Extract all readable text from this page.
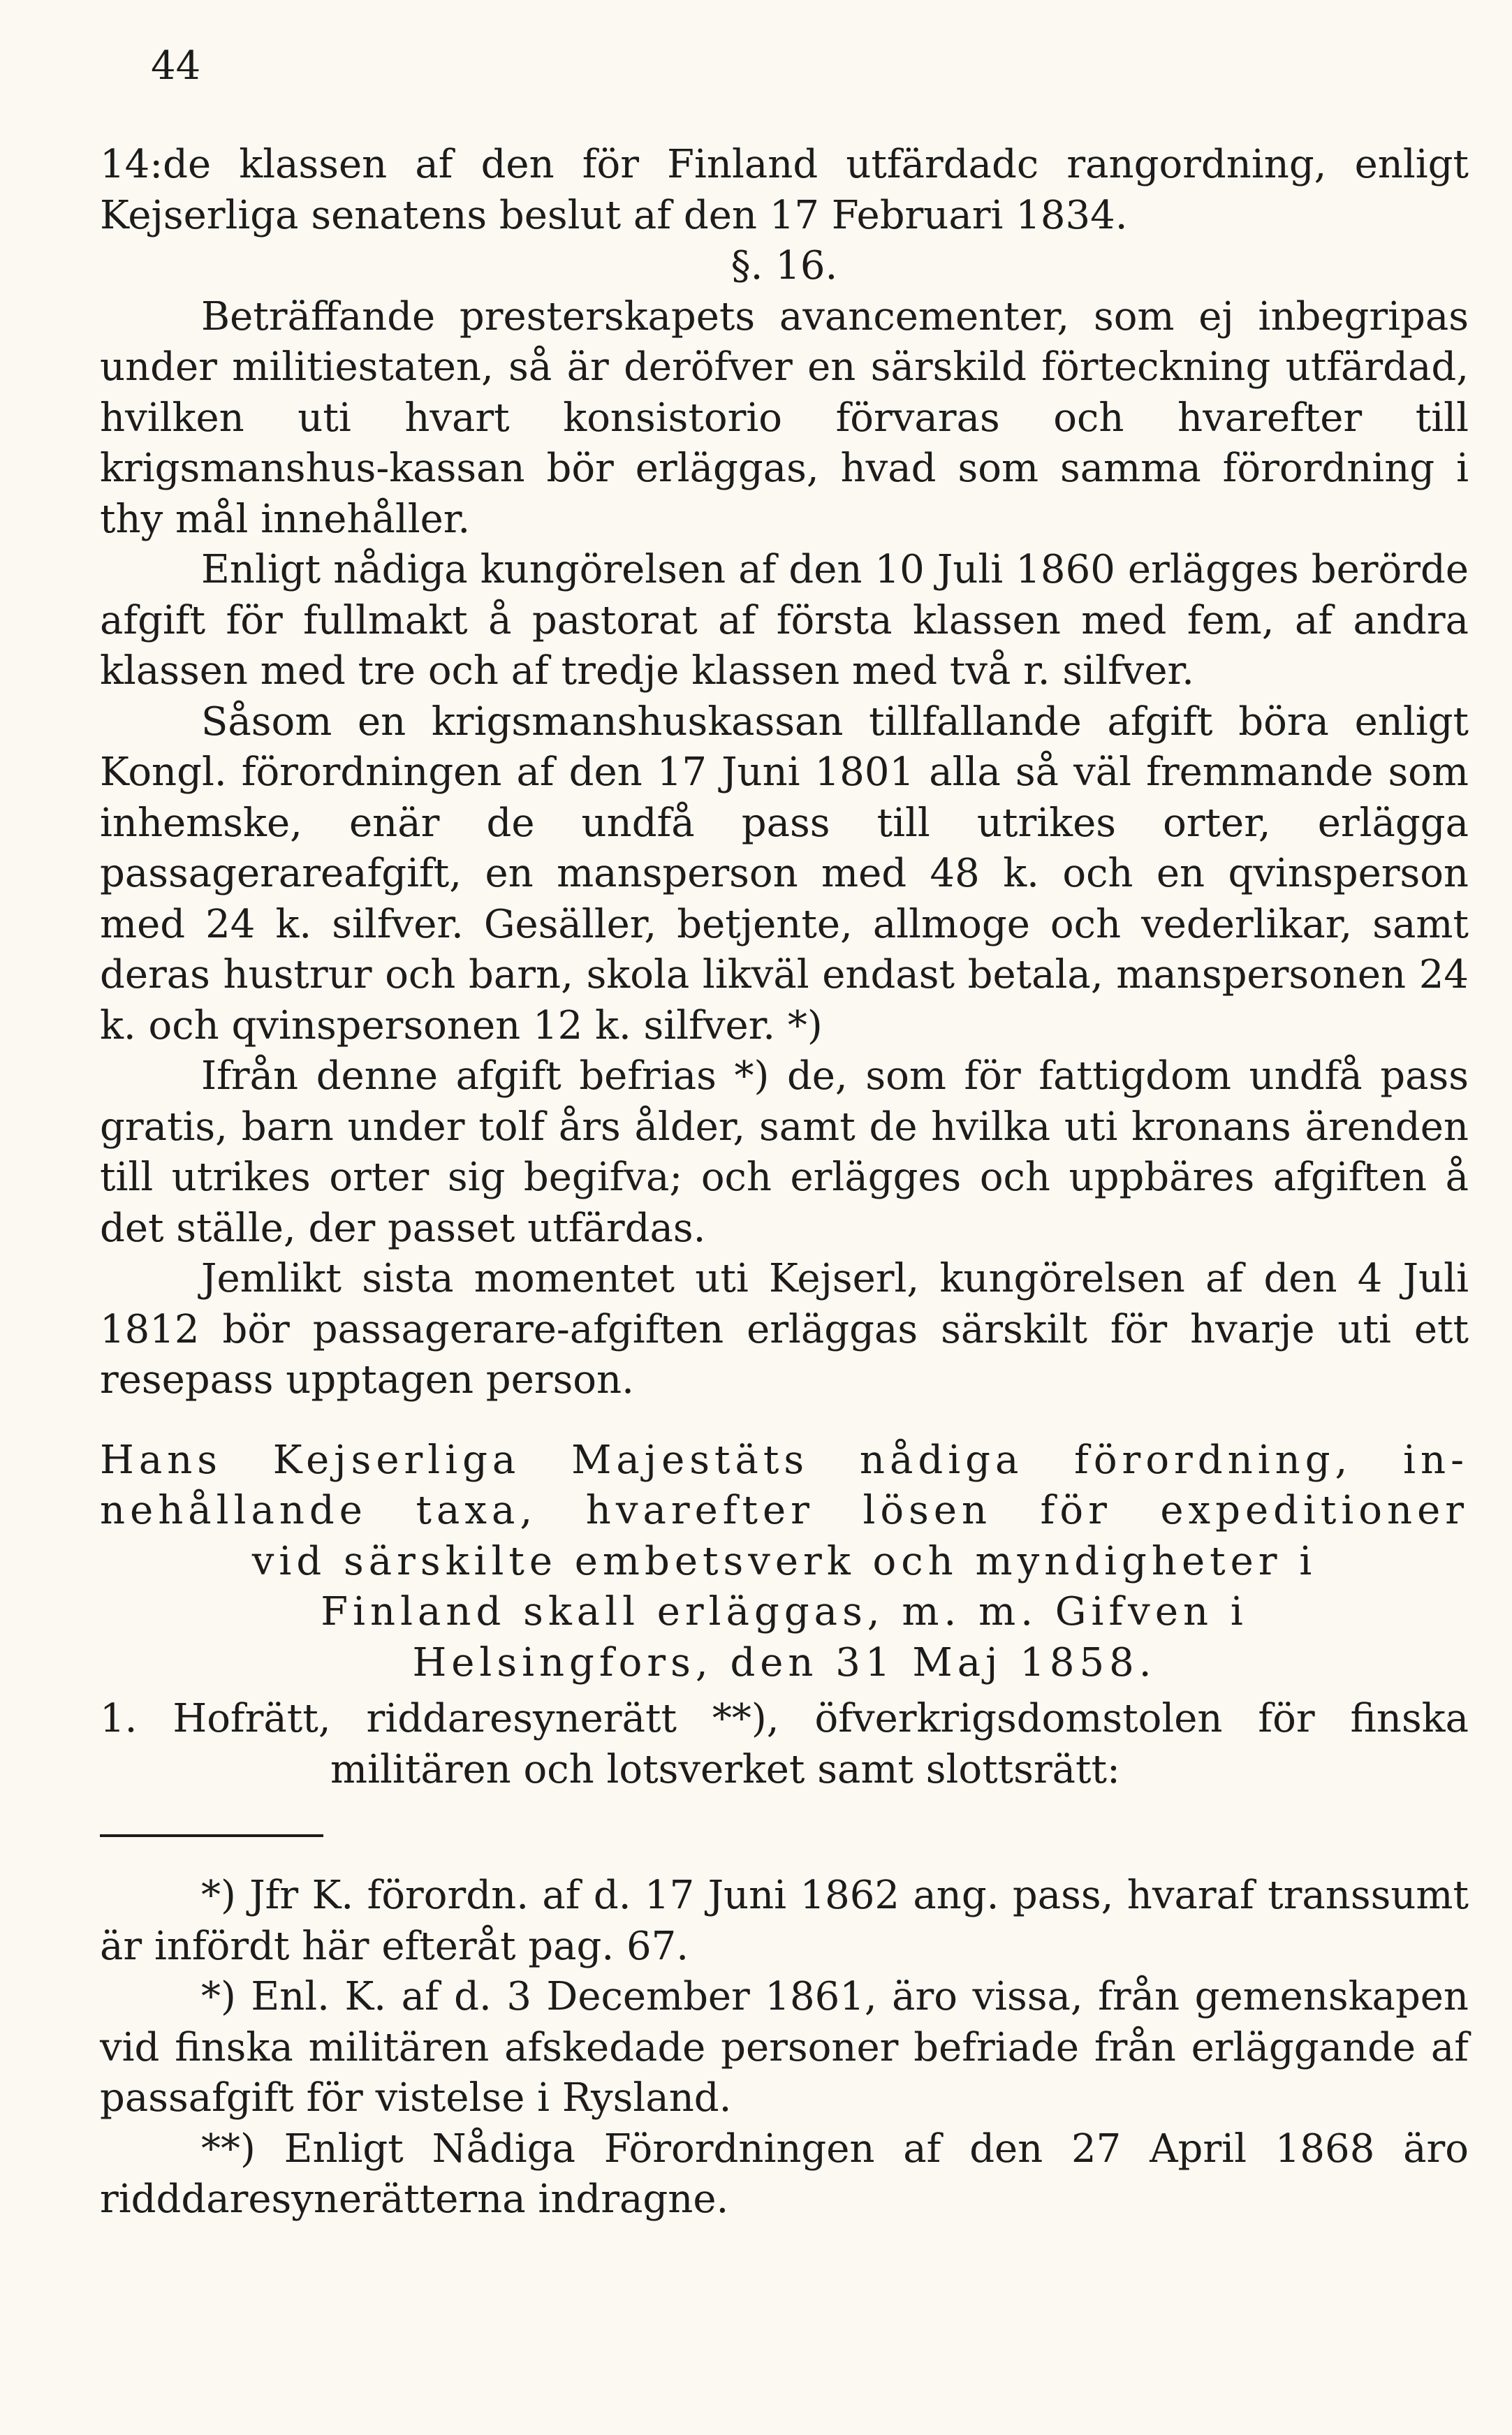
44

14:de klassen af den för Finland utfärdadc rangordning, enligt Kejserliga senatens beslut af den 17 Februari 1834.

§. 16.

Beträffande presterskapets avancementer, som ej inbegripas under militiestaten, så är deröfver en särskild förteckning utfärdad, hvilken uti hvart konsistorio förvaras och hvarefter till krigsmanshus-kassan bör erläggas, hvad som samma förordning i thy mål innehåller.

Enligt nådiga kungörelsen af den 10 Juli 1860 erlägges berörde afgift för fullmakt å pastorat af första klassen med fem, af andra klassen med tre och af tredje klassen med två r. silfver.

Såsom en krigsmanshuskassan tillfallande afgift böra enligt Kongl. förordningen af den 17 Juni 1801 alla så väl fremmande som inhemske, enär de undfå pass till utrikes orter, erlägga passagerareafgift, en mansperson med 48 k. och en qvinsperson med 24 k. silfver. Gesäller, betjente, allmoge och vederlikar, samt deras hustrur och barn, skola likväl endast betala, manspersonen 24 k. och qvinspersonen 12 k. silfver. *)

Ifrån denne afgift befrias *) de, som för fattigdom undfå pass gratis, barn under tolf års ålder, samt de hvilka uti kronans ärenden till utrikes orter sig begifva; och erlägges och uppbäres afgiften å det ställe, der passet utfärdas.

Jemlikt sista momentet uti Kejserl, kungörelsen af den 4 Juli 1812 bör passagerare-afgiften erläggas särskilt för hvarje uti ett resepass upptagen person.

Hans Kejserliga Majestäts nådiga förordning, in-
nehållande taxa, hvarefter lösen för expeditioner
vid särskilte embetsverk och myndigheter i
Finland skall erläggas, m. m. Gifven i
Helsingfors, den 31 Maj 1858.

1. Hofrätt, riddaresynerätt **), öfverkrigsdomstolen för finska militären och lotsverket samt slottsrätt:

*) Jfr K. förordn. af d. 17 Juni 1862 ang. pass, hvaraf transsumt är infördt här efteråt pag. 67.

*) Enl. K. af d. 3 December 1861, äro vissa, från gemenskapen vid finska militären afskedade personer befriade från erläggande af passafgift för vistelse i Rysland.

**) Enligt Nådiga Förordningen af den 27 April 1868 äro ridddaresynerätterna indragne.
